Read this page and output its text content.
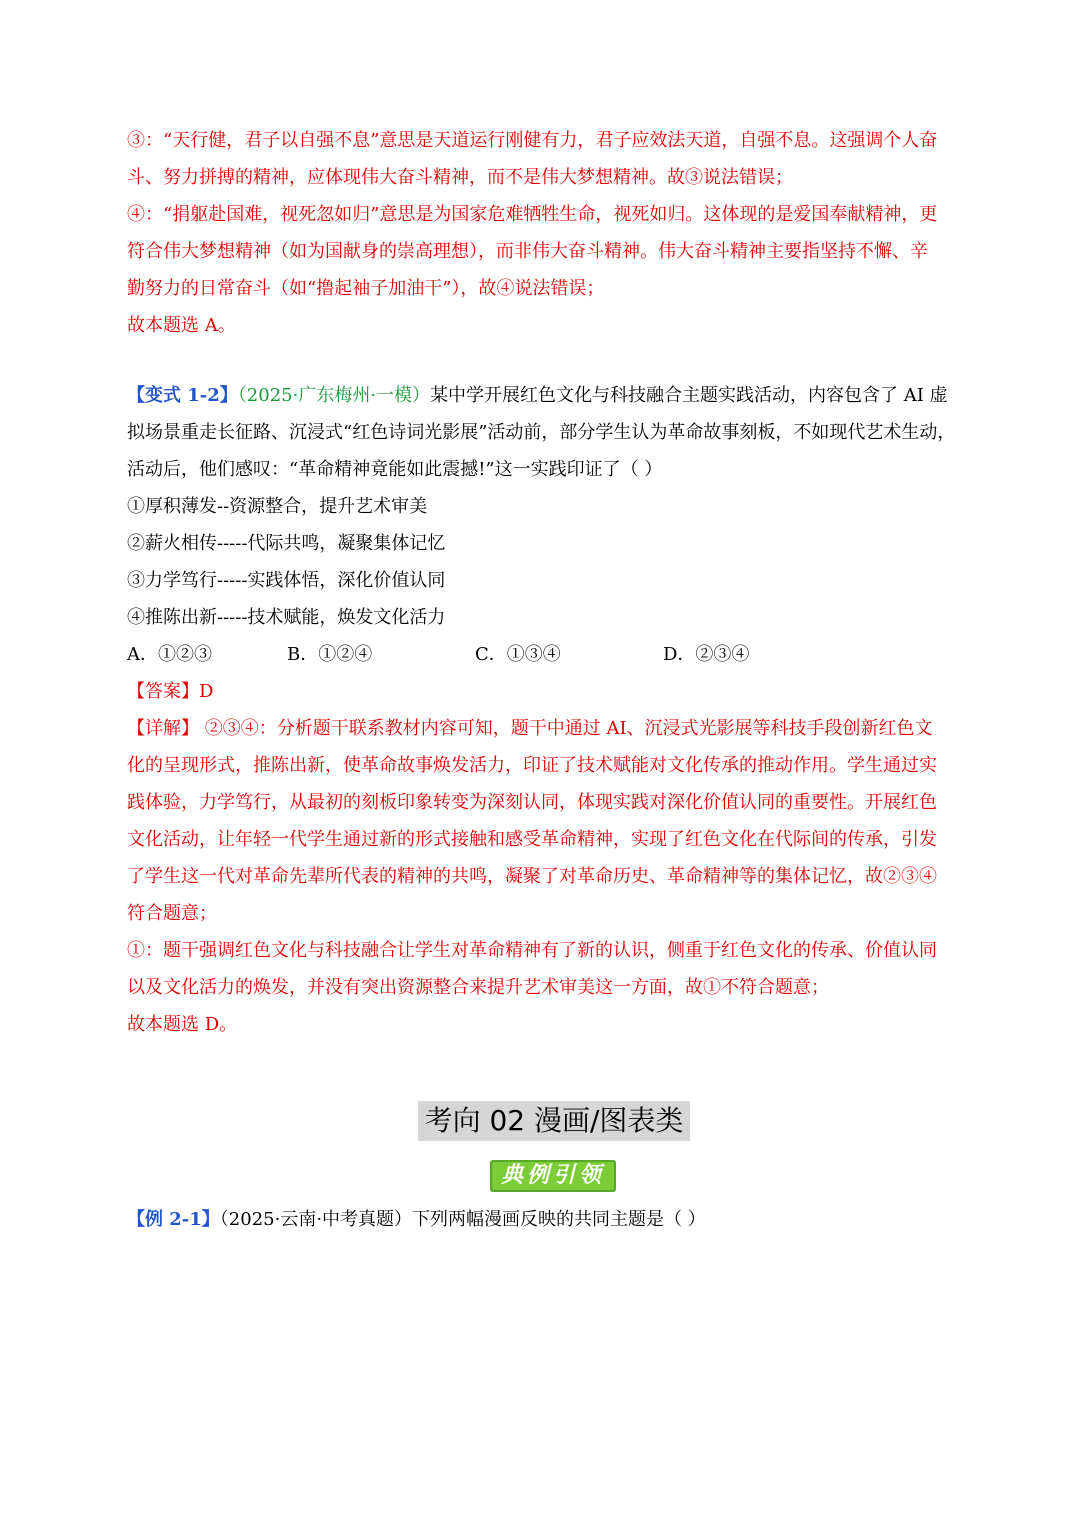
③：“天行健，君子以自强不息”意思是天道运行刚健有力，君子应效法天道，自强不息。这强调个人奋
斗、努力拼搏的精神，应体现伟大奋斗精神，而不是伟大梦想精神。故③说法错误；
④：“捐躯赴国难，视死忽如归”意思是为国家危难牺牲生命，视死如归。这体现的是爱国奉献精神，更
符合伟大梦想精神（如为国献身的崇高理想），而非伟大奋斗精神。伟大奋斗精神主要指坚持不懈、辛
勤努力的日常奋斗（如“撸起袖子加油干”），故④说法错误；
故本题选 A。
【变式 1-2】（2025·广东梅州·一模）某中学开展红色文化与科技融合主题实践活动，内容包含了 AI 虚
拟场景重走长征路、沉浸式“红色诗词光影展”活动前，部分学生认为革命故事刻板，不如现代艺术生动，
活动后，他们感叹：“革命精神竟能如此震撼!”这一实践印证了（ ）
①厚积薄发--资源整合，提升艺术审美
②薪火相传-----代际共鸣，凝聚集体记忆
③力学笃行-----实践体悟，深化价值认同
④推陈出新-----技术赋能，焕发文化活力
A．①②③	B．①②④	C．①③④	D．②③④
【答案】D
【详解】 ②③④：分析题干联系教材内容可知，题干中通过 AI、沉浸式光影展等科技手段创新红色文
化的呈现形式，推陈出新，使革命故事焕发活力，印证了技术赋能对文化传承的推动作用。学生通过实
践体验，力学笃行，从最初的刻板印象转变为深刻认同，体现实践对深化价值认同的重要性。开展红色
文化活动，让年轻一代学生通过新的形式接触和感受革命精神，实现了红色文化在代际间的传承，引发
了学生这一代对革命先辈所代表的精神的共鸣，凝聚了对革命历史、革命精神等的集体记忆，故②③④
符合题意；
①：题干强调红色文化与科技融合让学生对革命精神有了新的认识，侧重于红色文化的传承、价值认同
以及文化活力的焕发，并没有突出资源整合来提升艺术审美这一方面，故①不符合题意；
故本题选 D。
考向 02 漫画/图表类
典例引领
【例 2-1】（2025·云南·中考真题）下列两幅漫画反映的共同主题是（ ）
